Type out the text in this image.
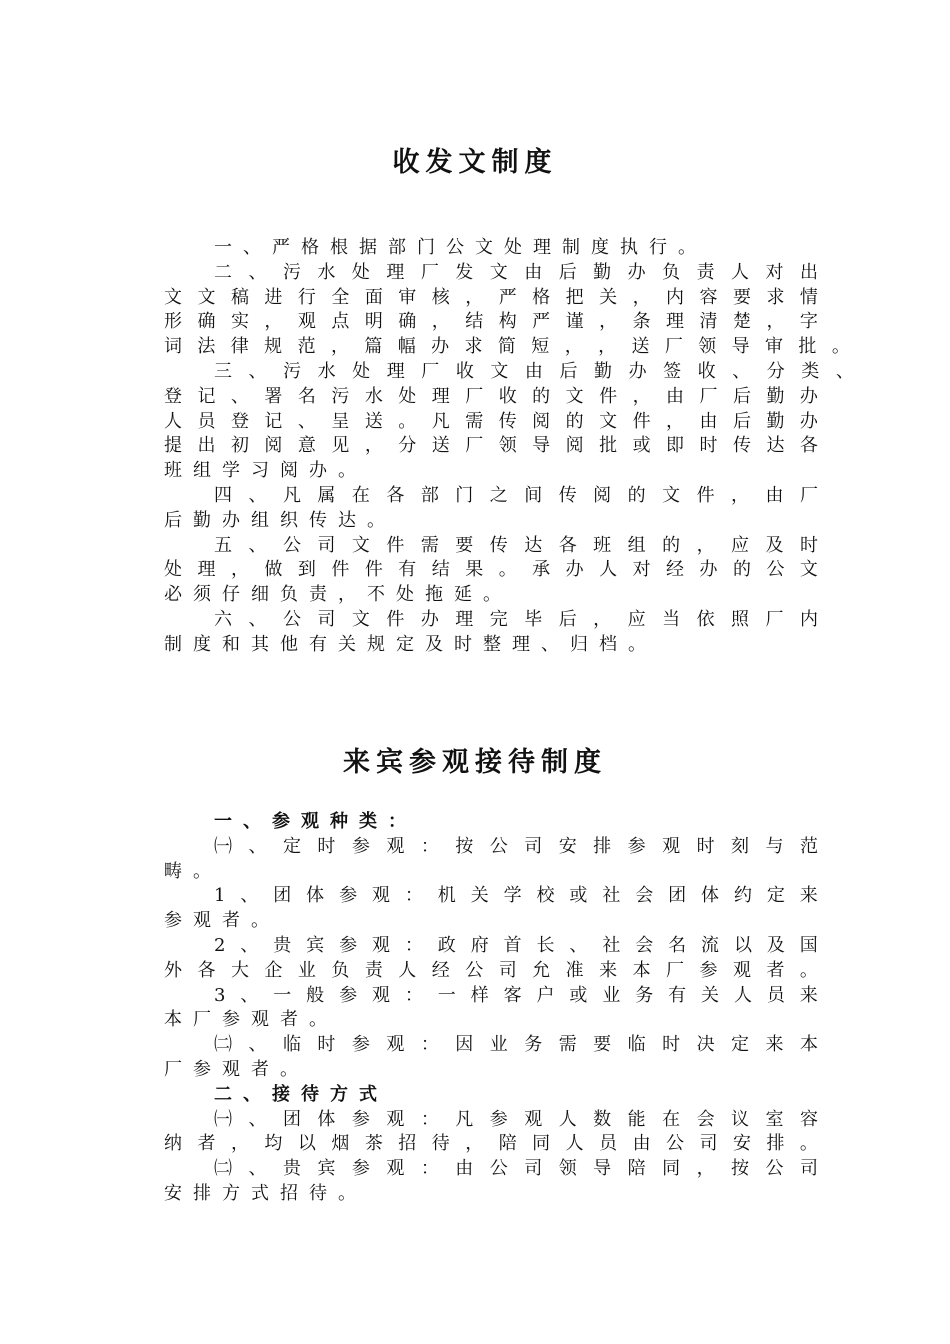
收发文制度
一、严格根据部门公文处理制度执行。
二 、 污 水 处 理 厂 发 文 由 后 勤 办 负 责 人 对 出
文 文 稿 进 行 全 面 审 核 ， 严 格 把 关 ， 内 容 要 求 情
形 确 实 ， 观 点 明 确 ， 结 构 严 谨 ， 条 理 清 楚 ， 字
词 法 律 规 范 ， 篇 幅 办 求 简 短 ， ， 送 厂 领 导 审 批 。
三 、 污 水 处 理 厂 收 文 由 后 勤 办 签 收 、 分 类 、
登 记 、 署 名 污 水 处 理 厂 收 的 文 件 ， 由 厂 后 勤 办
人 员 登 记 、 呈 送 。 凡 需 传 阅 的 文 件 ， 由 后 勤 办
提 出 初 阅 意 见 ， 分 送 厂 领 导 阅 批 或 即 时 传 达 各
班组学习阅办。
四 、 凡 属 在 各 部 门 之 间 传 阅 的 文 件 ， 由 厂
后勤办组织传达。
五 、 公 司 文 件 需 要 传 达 各 班 组 的 ， 应 及 时
处 理 ， 做 到 件 件 有 结 果 。 承 办 人 对 经 办 的 公 文
必须仔细负责，不处拖延。
六 、 公 司 文 件 办 理 完 毕 后 ， 应 当 依 照 厂 内
制度和其他有关规定及时整理、归档。
来宾参观接待制度
一、参观种类：
㈠ 、 定 时 参 观 ： 按 公 司 安 排 参 观 时 刻 与 范
畴。
1 、 团 体 参 观 ： 机 关 学 校 或 社 会 团 体 约 定 来
参观者。
2 、 贵 宾 参 观 ： 政 府 首 长 、 社 会 名 流 以 及 国
外 各 大 企 业 负 责 人 经 公 司 允 准 来 本 厂 参 观 者 。
3 、 一 般 参 观 ： 一 样 客 户 或 业 务 有 关 人 员 来
本厂参观者。
㈡ 、 临 时 参 观 ： 因 业 务 需 要 临 时 决 定 来 本
厂参观者。
二、接待方式
㈠ 、 团 体 参 观 ： 凡 参 观 人 数 能 在 会 议 室 容
纳 者 ， 均 以 烟 茶 招 待 ， 陪 同 人 员 由 公 司 安 排 。
㈡ 、 贵 宾 参 观 ： 由 公 司 领 导 陪 同 ， 按 公 司
安排方式招待。
